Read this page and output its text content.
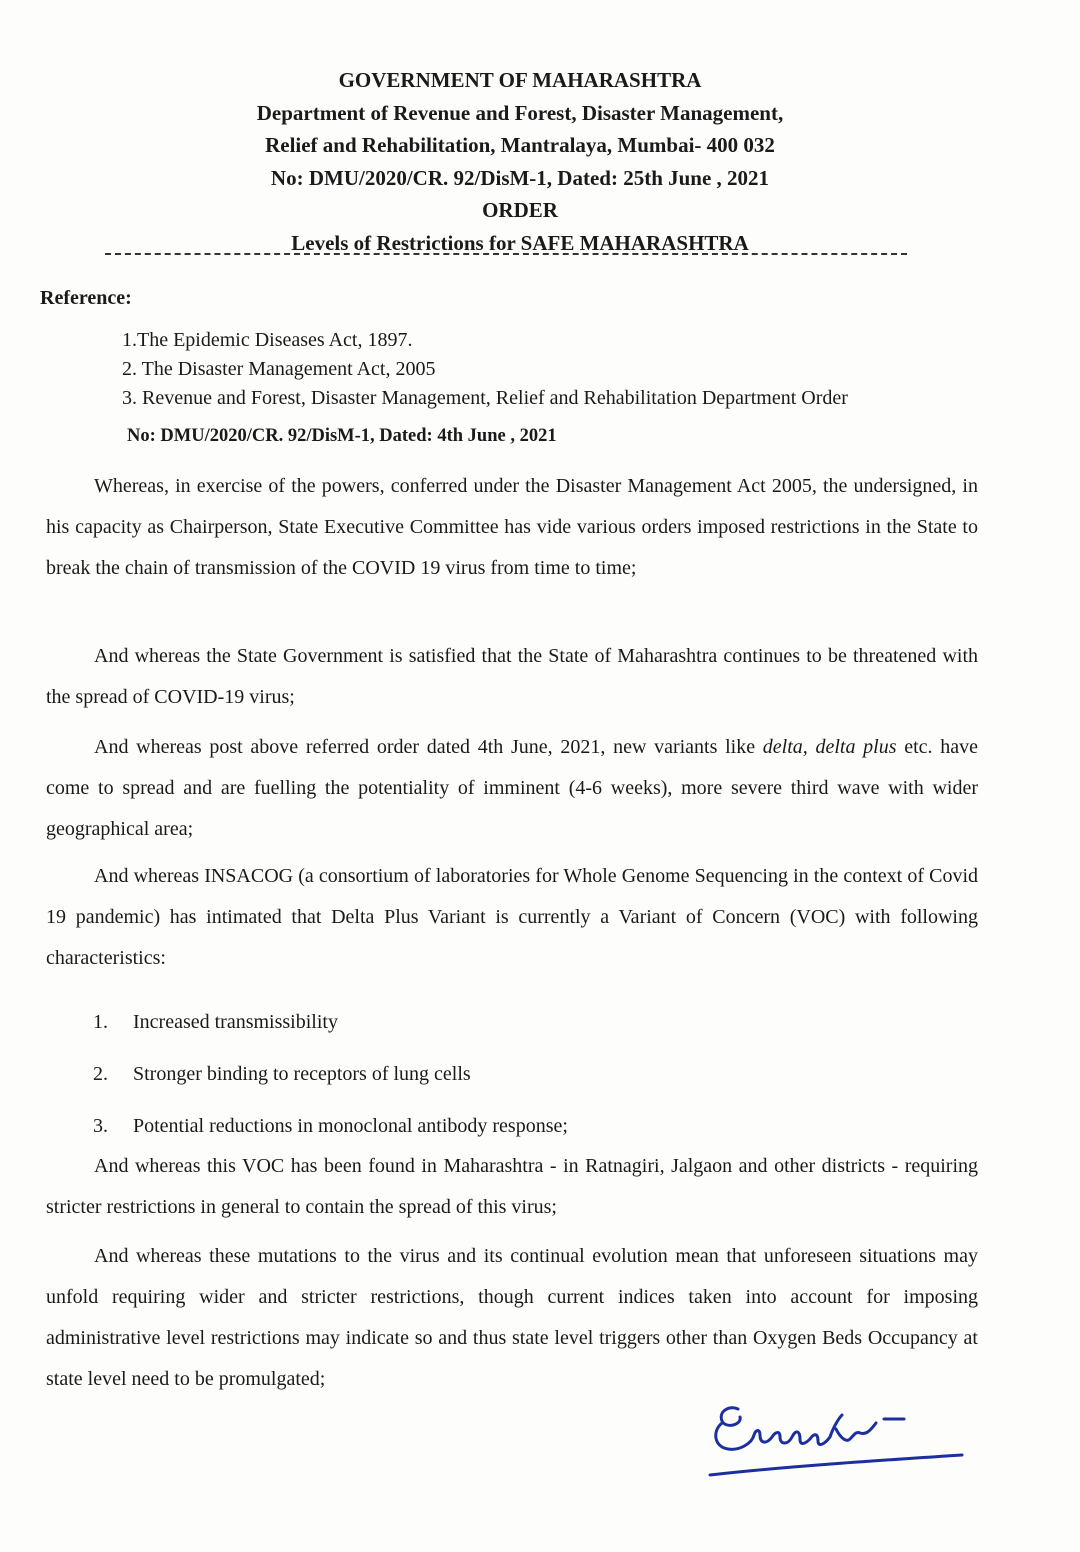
GOVERNMENT OF MAHARASHTRA
Department of Revenue and Forest, Disaster Management,
Relief and Rehabilitation, Mantralaya, Mumbai- 400 032
No: DMU/2020/CR. 92/DisM-1, Dated: 25th June , 2021
ORDER
Levels of Restrictions for SAFE MAHARASHTRA
Reference:
1.The Epidemic Diseases Act, 1897.
2. The Disaster Management Act, 2005
3. Revenue and Forest, Disaster Management, Relief and Rehabilitation Department Order
No: DMU/2020/CR. 92/DisM-1, Dated: 4th June , 2021
Whereas, in exercise of the powers, conferred under the Disaster Management Act 2005, the undersigned, in his capacity as Chairperson, State Executive Committee has vide various orders imposed restrictions in the State to break the chain of transmission of the COVID 19 virus from time to time;
And whereas the State Government is satisfied that the State of Maharashtra continues to be threatened with the spread of COVID-19 virus;
And whereas post above referred order dated 4th June, 2021, new variants like delta, delta plus etc. have come to spread and are fuelling the potentiality of imminent (4-6 weeks), more severe third wave with wider geographical area;
And whereas INSACOG (a consortium of laboratories for Whole Genome Sequencing in the context of Covid 19 pandemic) has intimated that Delta Plus Variant is currently a Variant of Concern (VOC) with following characteristics:
1.	Increased transmissibility
2.	Stronger binding to receptors of lung cells
3.	Potential reductions in monoclonal antibody response;
And whereas this VOC has been found in Maharashtra - in Ratnagiri, Jalgaon and other districts - requiring stricter restrictions in general to contain the spread of this virus;
And whereas these mutations to the virus and its continual evolution mean that unforeseen situations may unfold requiring wider and stricter restrictions, though current indices taken into account for imposing administrative level restrictions may indicate so and thus state level triggers other than Oxygen Beds Occupancy at state level need to be promulgated;
